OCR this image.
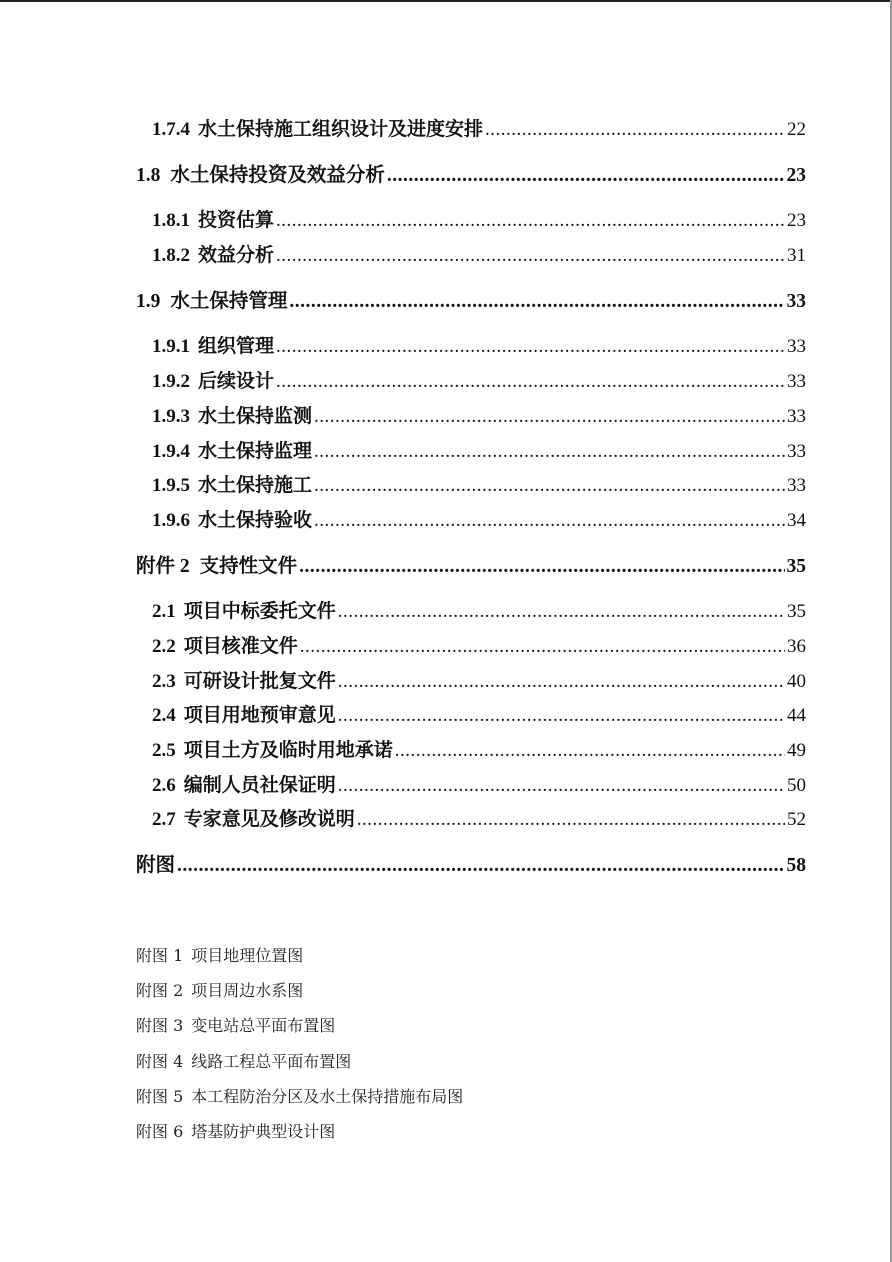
1.7.4 水土保持施工组织设计及进度安排 .....	22
1.8 水土保持投资及效益分析 .....	23
1.8.1 投资估算 .....	23
1.8.2 效益分析 .....	31
1.9 水土保持管理 .....	33
1.9.1 组织管理 .....	33
1.9.2 后续设计 .....	33
1.9.3 水土保持监测 .....	33
1.9.4 水土保持监理 .....	33
1.9.5 水土保持施工 .....	33
1.9.6 水土保持验收 .....	34
附件 2 支持性文件 .....	35
2.1 项目中标委托文件 .....	35
2.2 项目核准文件 .....	36
2.3 可研设计批复文件 .....	40
2.4 项目用地预审意见 .....	44
2.5 项目土方及临时用地承诺 .....	49
2.6 编制人员社保证明 .....	50
2.7 专家意见及修改说明 .....	52
附图 .....	58
附图 1 项目地理位置图
附图 2 项目周边水系图
附图 3 变电站总平面布置图
附图 4 线路工程总平面布置图
附图 5 本工程防治分区及水土保持措施布局图
附图 6 塔基防护典型设计图
